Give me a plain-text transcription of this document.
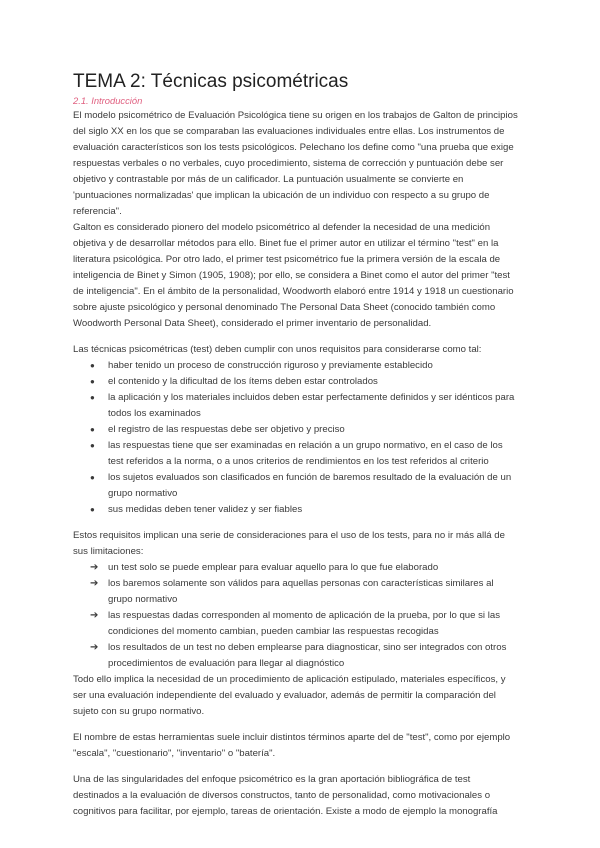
TEMA 2: Técnicas psicométricas
2.1. Introducción

El modelo psicométrico de Evaluación Psicológica tiene su origen en los trabajos de Galton de principios del siglo XX en los que se comparaban las evaluaciones individuales entre ellas. Los instrumentos de evaluación característicos son los tests psicológicos. Pelechano los define como "una prueba que exige respuestas verbales o no verbales, cuyo procedimiento, sistema de corrección y puntuación debe ser objetivo y contrastable por más de un calificador. La puntuación usualmente se convierte en 'puntuaciones normalizadas' que implican la ubicación de un individuo con respecto a su grupo de referencia".

Galton es considerado pionero del modelo psicométrico al defender la necesidad de una medición objetiva y de desarrollar métodos para ello. Binet fue el primer autor en utilizar el término "test" en la literatura psicológica. Por otro lado, el primer test psicométrico fue la primera versión de la escala de inteligencia de Binet y Simon (1905, 1908); por ello, se considera a Binet como el autor del primer "test de inteligencia". En el ámbito de la personalidad, Woodworth elaboró entre 1914 y 1918 un cuestionario sobre ajuste psicológico y personal denominado The Personal Data Sheet (conocido también como Woodworth Personal Data Sheet), considerado el primer inventario de personalidad.

Las técnicas psicométricas (test) deben cumplir con unos requisitos para considerarse como tal:

● haber tenido un proceso de construcción riguroso y previamente establecido
● el contenido y la dificultad de los ítems deben estar controlados
● la aplicación y los materiales incluidos deben estar perfectamente definidos y ser idénticos para todos los examinados
● el registro de las respuestas debe ser objetivo y preciso
● las respuestas tiene que ser examinadas en relación a un grupo normativo, en el caso de los test referidos a la norma, o a unos criterios de rendimientos en los test referidos al criterio
● los sujetos evaluados son clasificados en función de baremos resultado de la evaluación de un grupo normativo
● sus medidas deben tener validez y ser fiables

Estos requisitos implican una serie de consideraciones para el uso de los tests, para no ir más allá de sus limitaciones:

➔ un test solo se puede emplear para evaluar aquello para lo que fue elaborado
➔ los baremos solamente son válidos para aquellas personas con características similares al grupo normativo
➔ las respuestas dadas corresponden al momento de aplicación de la prueba, por lo que si las condiciones del momento cambian, pueden cambiar las respuestas recogidas
➔ los resultados de un test no deben emplearse para diagnosticar, sino ser integrados con otros procedimientos de evaluación para llegar al diagnóstico

Todo ello implica la necesidad de un procedimiento de aplicación estipulado, materiales específicos, y ser una evaluación independiente del evaluado y evaluador, además de permitir la comparación del sujeto con su grupo normativo.

El nombre de estas herramientas suele incluir distintos términos aparte del de "test", como por ejemplo "escala", "cuestionario", "inventario" o "batería".

Una de las singularidades del enfoque psicométrico es la gran aportación bibliográfica de test destinados a la evaluación de diversos constructos, tanto de personalidad, como motivacionales o cognitivos para facilitar, por ejemplo, tareas de orientación. Existe a modo de ejemplo la monografía
